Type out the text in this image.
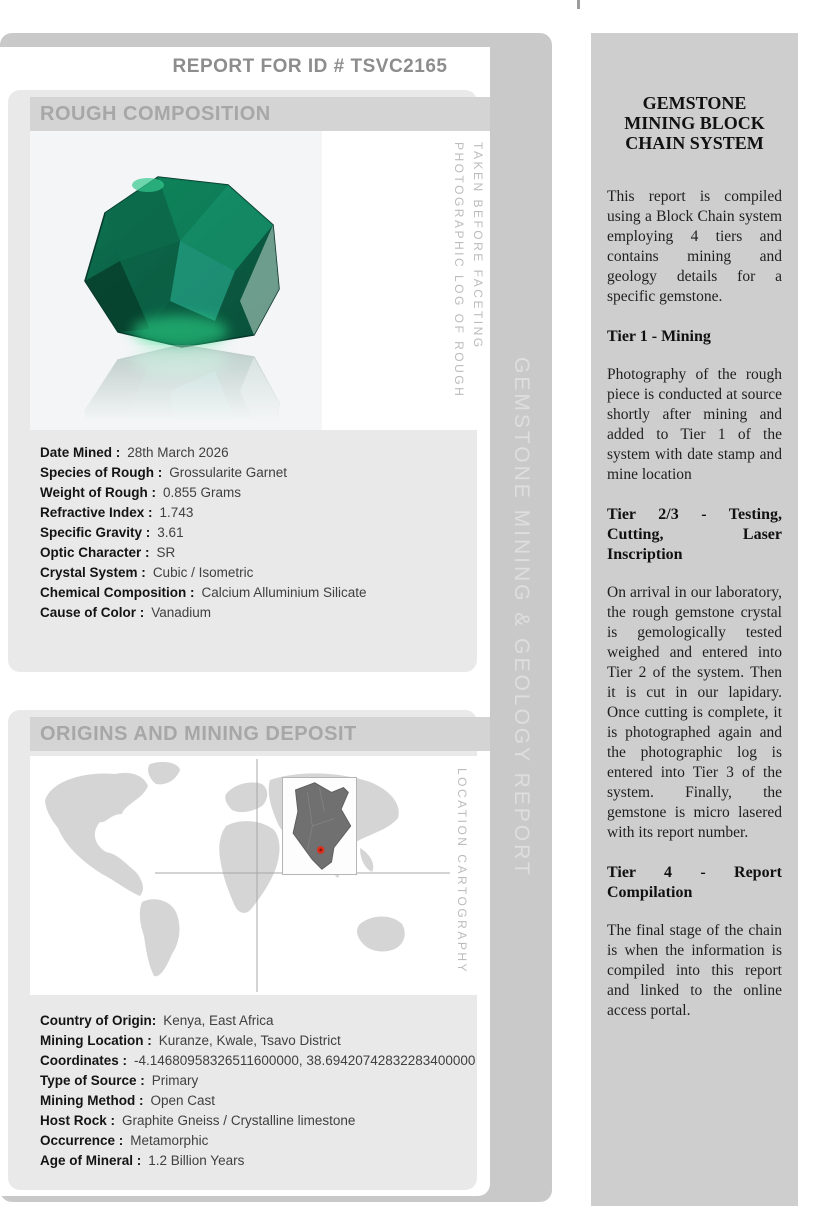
REPORT FOR ID # TSVC2165
ROUGH COMPOSITION
PHOTOGRAPHIC LOG OF ROUGH TAKEN BEFORE FACETING
Date Mined : 28th March 2026
Species of Rough : Grossularite Garnet
Weight of Rough : 0.855 Grams
Refractive Index : 1.743
Specific Gravity : 3.61
Optic Character : SR
Crystal System : Cubic / Isometric
Chemical Composition : Calcium Alluminium Silicate
Cause of Color : Vanadium
ORIGINS AND MINING DEPOSIT
LOCATION CARTOGRAPHY
Country of Origin: Kenya, East Africa
Mining Location : Kuranze, Kwale, Tsavo District
Coordinates : -4.14680958326511600000, 38.69420742832283400000
Type of Source : Primary
Mining Method : Open Cast
Host Rock : Graphite Gneiss / Crystalline limestone
Occurrence : Metamorphic
Age of Mineral : 1.2 Billion Years
GEMSTONE MINING & GEOLOGY REPORT
GEMSTONE MINING BLOCK CHAIN SYSTEM

This report is compiled using a Block Chain system employing 4 tiers and contains mining and geology details for a specific gemstone.

Tier 1 - Mining

Photography of the rough piece is conducted at source shortly after mining and added to Tier 1 of the system with date stamp and mine location

Tier 2/3 - Testing, Cutting, Laser Inscription

On arrival in our laboratory, the rough gemstone crystal is gemologically tested weighed and entered into Tier 2 of the system. Then it is cut in our lapidary. Once cutting is complete, it is photographed again and the photographic log is entered into Tier 3 of the system. Finally, the gemstone is micro lasered with its report number.

Tier 4 - Report Compilation

The final stage of the chain is when the information is compiled into this report and linked to the online access portal.
